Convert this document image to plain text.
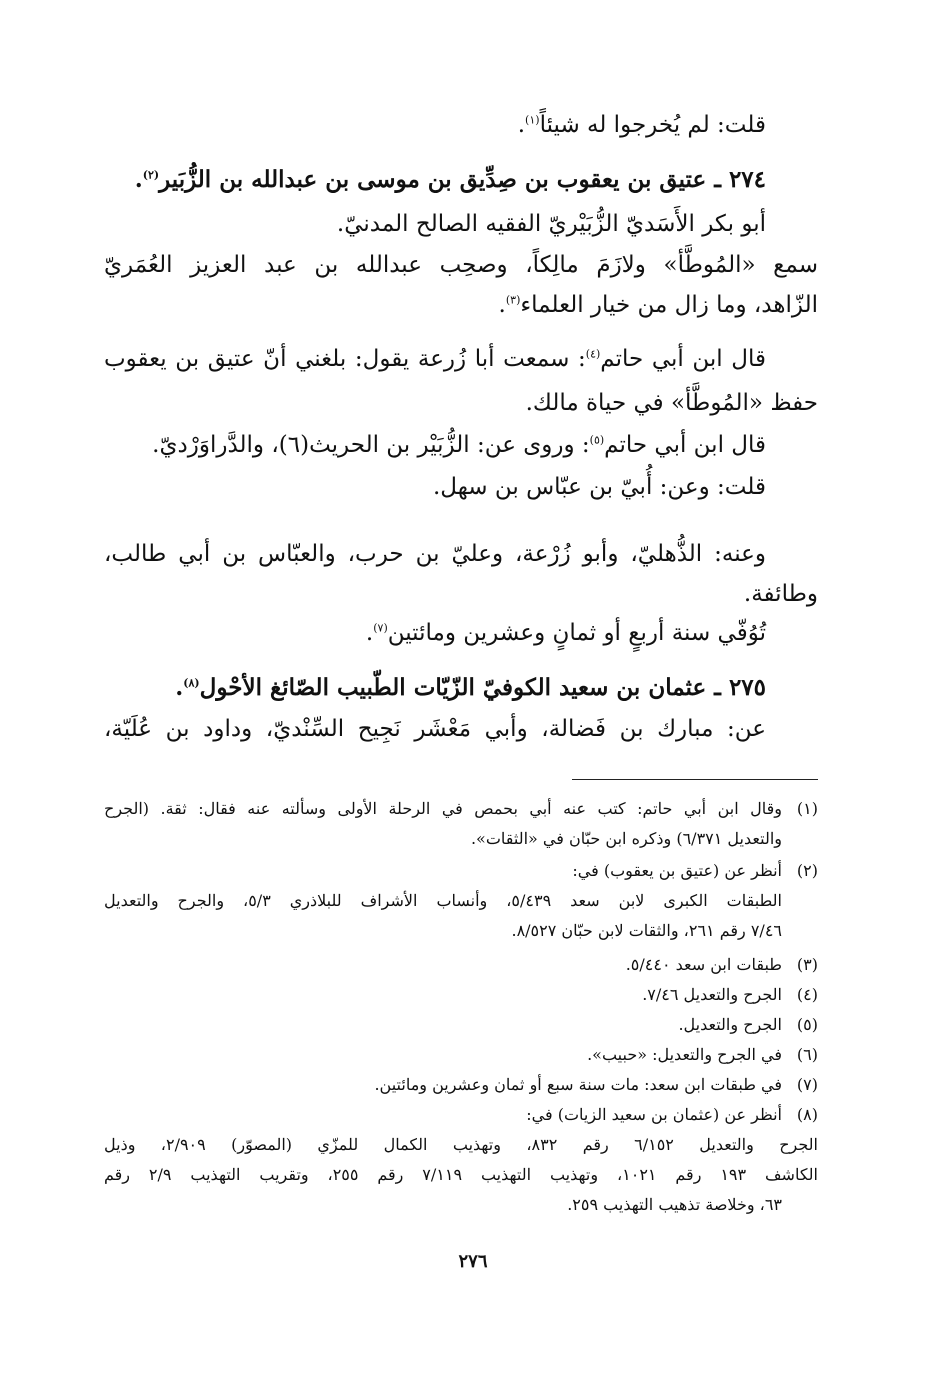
قلت: لم يُخرجوا له شيئاً$^{(١)}$.
٢٧٤ ـ عتيق بن يعقوب بن صِدِّيق بن موسى بن عبدالله بن الزُّبَير$^{(٢)}$.
أبو بكر الأَسَديّ الزُّبَيْريّ الفقيه الصالح المدنيّ.
سمع «المُوطَّأ» ولازَمَ مالِكاً، وصحِب عبدالله بن عبد العزيز العُمَريّ
الزّاهد، وما زال من خيار العلماء$^{(٣)}$.
قال ابن أبي حاتم$^{(٤)}$: سمعت أبا زُرعة يقول: بلغني أنّ عتيق بن يعقوب
حفظ «المُوطَّأ» في حياة مالك.
قال ابن أبي حاتم$^{(٥)}$: وروى عن: الزُّبَيْر بن الحريث(٦)، والدَّراوَرْديّ.
قلت: وعن: أُبيّ بن عبّاس بن سهل.
وعنه: الذُّهليّ، وأبو زُرْعة، وعليّ بن حرب، والعبّاس بن أبي طالب،
وطائفة.
تُوُفّي سنة أربعٍ أو ثمانٍ وعشرين ومائتين$^{(٧)}$.
٢٧٥ ـ عثمان بن سعيد الكوفيّ الزّيّات الطّبيب الصّائغ الأحْول$^{(٨)}$.
عن: مبارك بن فَضالة، وأبي مَعْشَر نَجِيح السِّنْديّ، وداود بن عُلَيّة،
(١)وقال ابن أبي حاتم: كتب عنه أبي بحمص في الرحلة الأولى وسألته عنه فقال: ثقة. (الجرح
والتعديل ٦/٣٧١) وذكره ابن حبّان في «الثقات».
(٢)أنظر عن (عتيق بن يعقوب) في:
الطبقات الكبرى لابن سعد ٥/٤٣٩، وأنساب الأشراف للبلاذري ٥/٣، والجرح والتعديل
٧/٤٦ رقم ٢٦١، والثقات لابن حبّان ٨/٥٢٧.
(٣)طبقات ابن سعد ٥/٤٤٠.
(٤)الجرح والتعديل ٧/٤٦.
(٥)الجرح والتعديل.
(٦)في الجرح والتعديل: «حبيب».
(٧)في طبقات ابن سعد: مات سنة سبع أو ثمان وعشرين ومائتين.
(٨)أنظر عن (عثمان بن سعيد الزيات) في:
الجرح والتعديل ٦/١٥٢ رقم ٨٣٢، وتهذيب الكمال للمزّي (المصوّر) ٢/٩٠٩، وذيل
الكاشف ١٩٣ رقم ١٠٢١، وتهذيب التهذيب ٧/١١٩ رقم ٢٥٥، وتقريب التهذيب ٢/٩ رقم
٦٣، وخلاصة تذهيب التهذيب ٢٥٩.
٢٧٦
